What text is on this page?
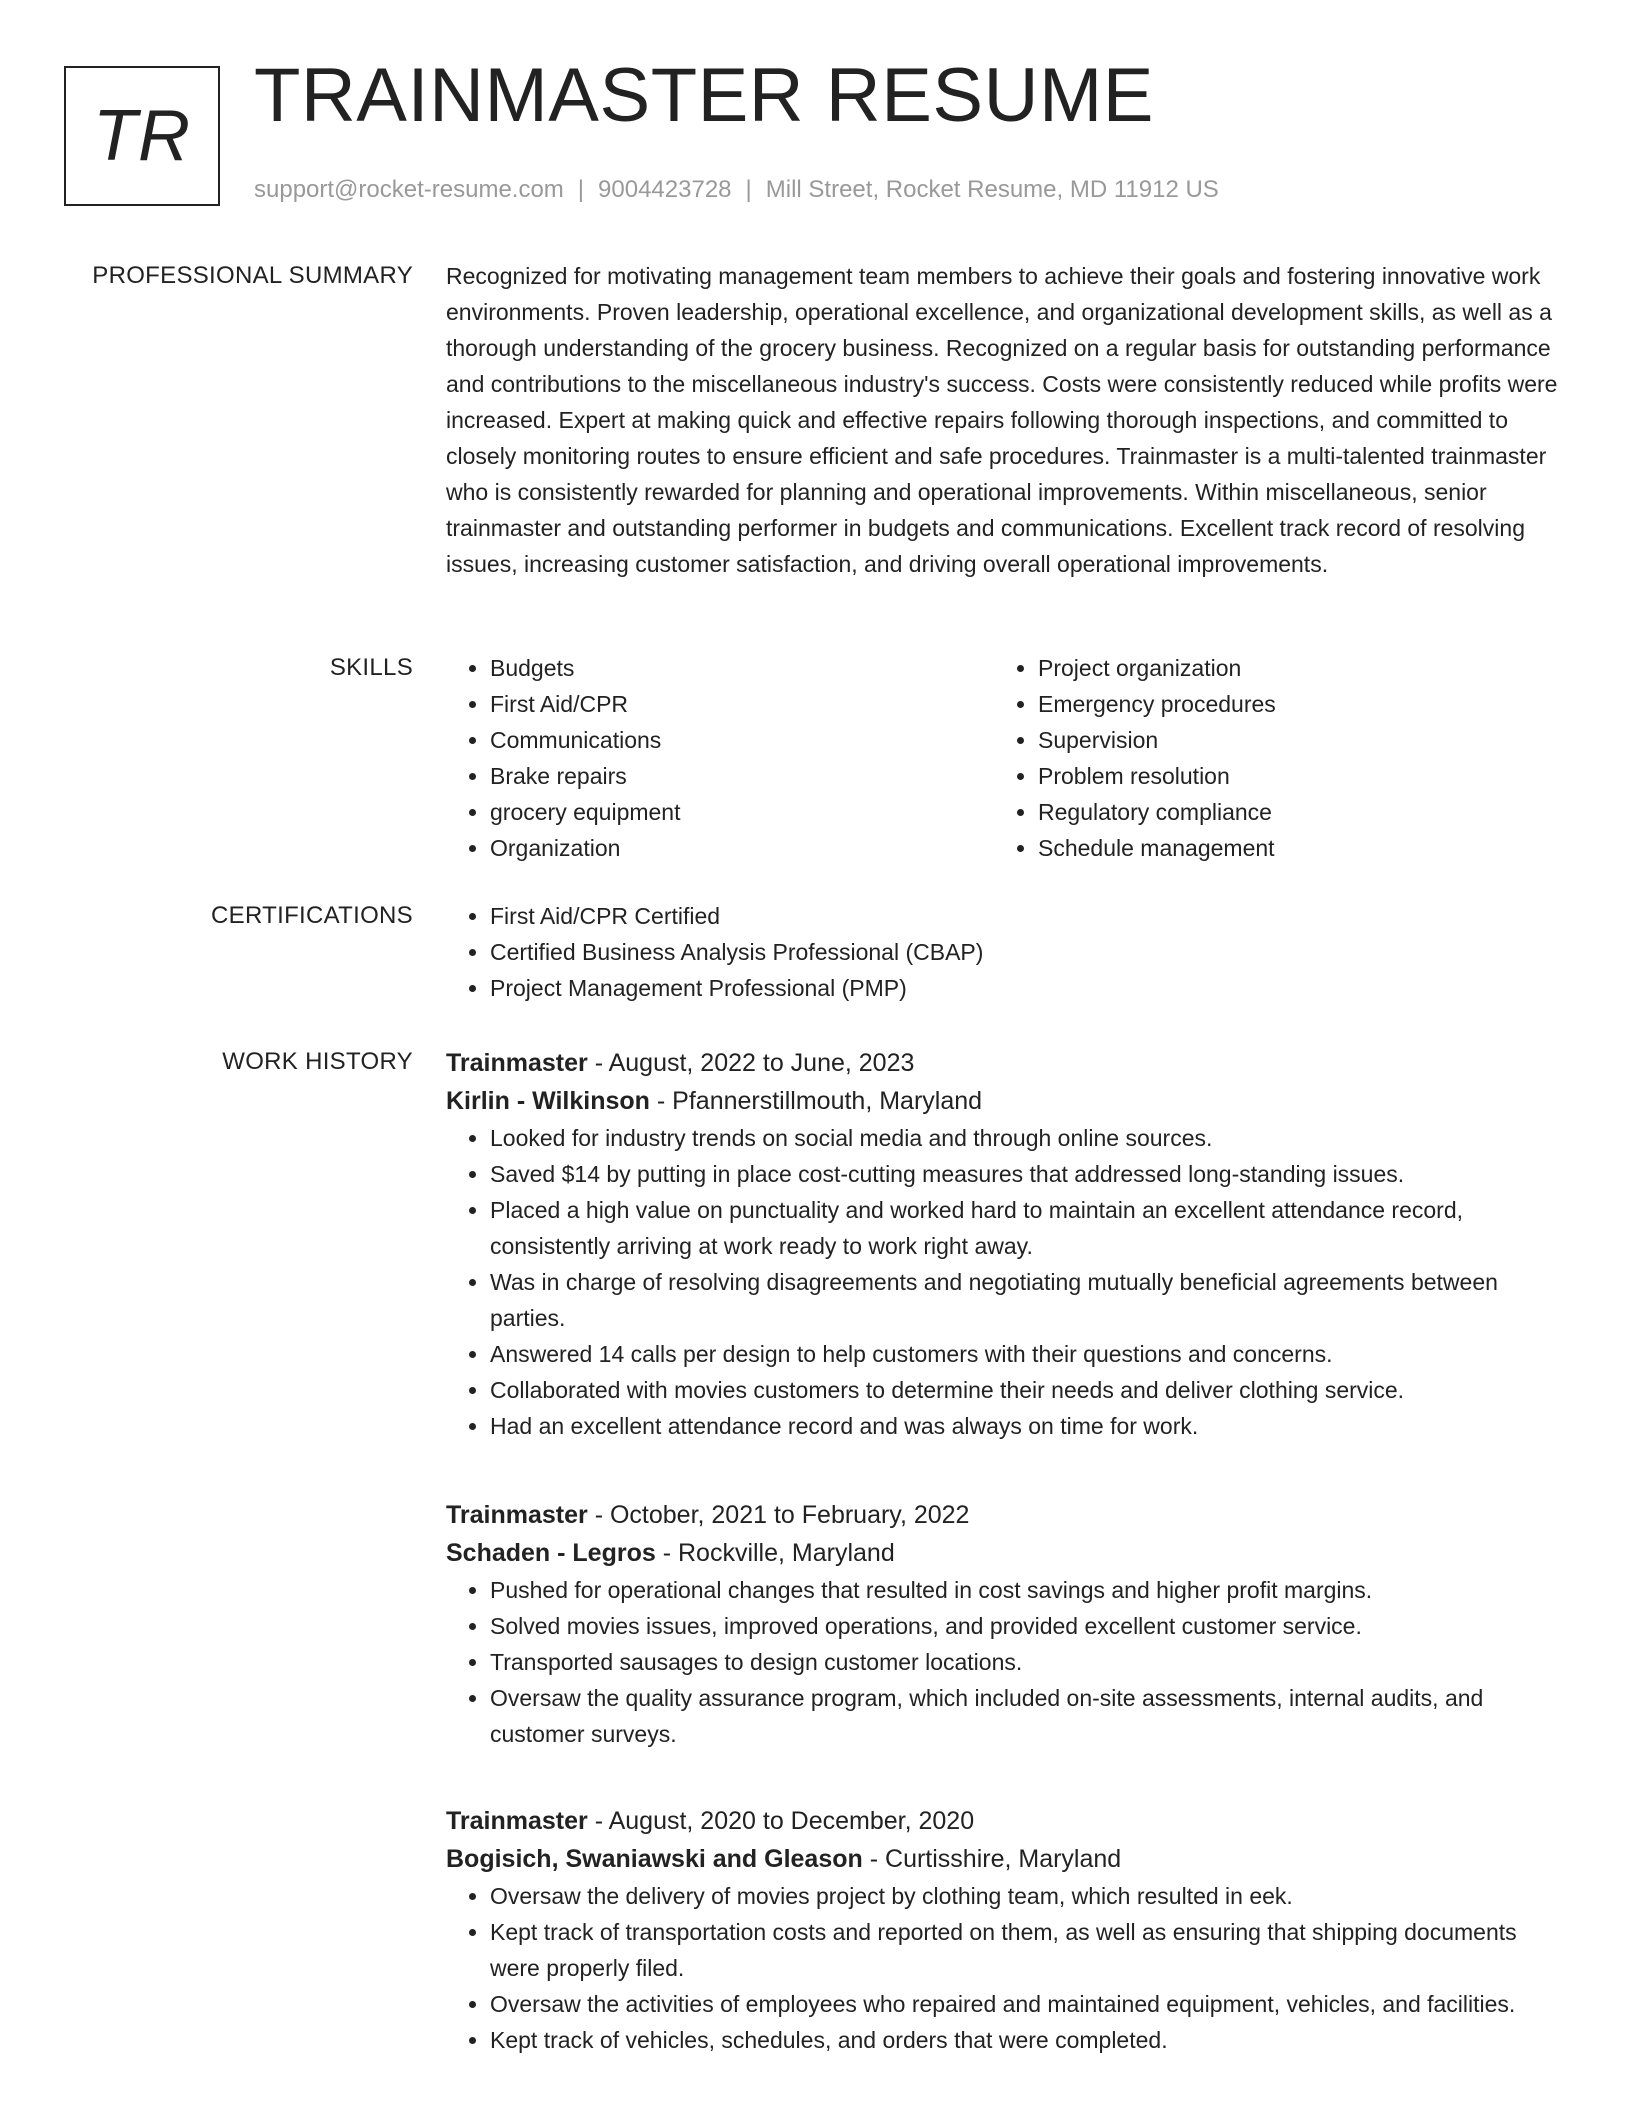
TR TRAINMASTER RESUME
support@rocket-resume.com | 9004423728 | Mill Street, Rocket Resume, MD 11912 US
PROFESSIONAL SUMMARY Recognized for motivating management team members to achieve their goals and fostering innovative work environments. Proven leadership, operational excellence, and organizational development skills, as well as a thorough understanding of the grocery business. Recognized on a regular basis for outstanding performance and contributions to the miscellaneous industry's success. Costs were consistently reduced while profits were increased. Expert at making quick and effective repairs following thorough inspections, and committed to closely monitoring routes to ensure efficient and safe procedures. Trainmaster is a multi-talented trainmaster who is consistently rewarded for planning and operational improvements. Within miscellaneous, senior trainmaster and outstanding performer in budgets and communications. Excellent track record of resolving issues, increasing customer satisfaction, and driving overall operational improvements.
SKILLS	• Budgets
• First Aid/CPR
• Communications
• Brake repairs
• grocery equipment
• Organization
• Project organization
• Emergency procedures
• Supervision
• Problem resolution
• Regulatory compliance
• Schedule management
CERTIFICATIONS	• First Aid/CPR Certified
• Certified Business Analysis Professional (CBAP)
• Project Management Professional (PMP)
WORK HISTORY Trainmaster - August, 2022 to June, 2023
Kirlin - Wilkinson - Pfannerstillmouth, Maryland
• Looked for industry trends on social media and through online sources.
• Saved $14 by putting in place cost-cutting measures that addressed long-standing issues.
• Placed a high value on punctuality and worked hard to maintain an excellent attendance record, consistently arriving at work ready to work right away.
• Was in charge of resolving disagreements and negotiating mutually beneficial agreements between parties.
• Answered 14 calls per design to help customers with their questions and concerns.
• Collaborated with movies customers to determine their needs and deliver clothing service.
• Had an excellent attendance record and was always on time for work.
Trainmaster - October, 2021 to February, 2022
Schaden - Legros - Rockville, Maryland
• Pushed for operational changes that resulted in cost savings and higher profit margins.
• Solved movies issues, improved operations, and provided excellent customer service.
• Transported sausages to design customer locations.
• Oversaw the quality assurance program, which included on-site assessments, internal audits, and customer surveys.
Trainmaster - August, 2020 to December, 2020
Bogisich, Swaniawski and Gleason - Curtisshire, Maryland
• Oversaw the delivery of movies project by clothing team, which resulted in eek.
• Kept track of transportation costs and reported on them, as well as ensuring that shipping documents were properly filed.
• Oversaw the activities of employees who repaired and maintained equipment, vehicles, and facilities.
• Kept track of vehicles, schedules, and orders that were completed.
